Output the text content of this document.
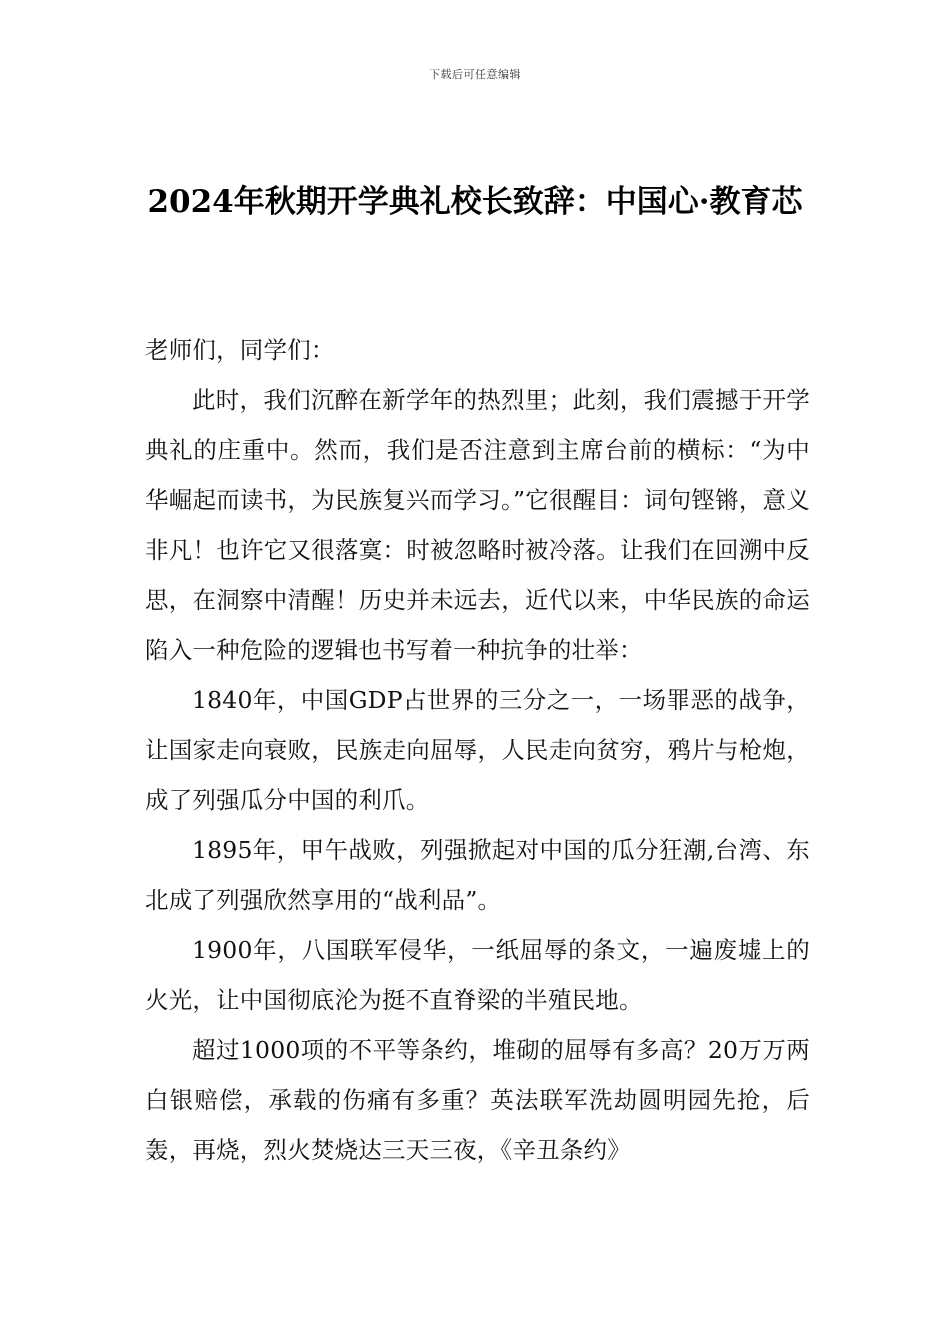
下载后可任意编辑
2024年秋期开学典礼校长致辞：中国心·教育芯

老师们，同学们：

此时，我们沉醉在新学年的热烈里；此刻，我们震撼于开学典礼的庄重中。然而，我们是否注意到主席台前的横标：“为中华崛起而读书，为民族复兴而学习。”它很醒目：词句铿锵，意义非凡！也许它又很落寞：时被忽略时被冷落。让我们在回溯中反思，在洞察中清醒！历史并未远去，近代以来，中华民族的命运陷入一种危险的逻辑也书写着一种抗争的壮举：

1840年，中国GDP占世界的三分之一，一场罪恶的战争，让国家走向衰败，民族走向屈辱，人民走向贫穷，鸦片与枪炮，成了列强瓜分中国的利爪。

1895年，甲午战败，列强掀起对中国的瓜分狂潮,台湾、东北成了列强欣然享用的“战利品”。

1900年，八国联军侵华，一纸屈辱的条文，一遍废墟上的火光，让中国彻底沦为挺不直脊梁的半殖民地。

超过1000项的不平等条约，堆砌的屈辱有多高？20万万两白银赔偿，承载的伤痛有多重？英法联军洗劫圆明园先抢，后轰，再烧，烈火焚烧达三天三夜，《辛丑条约》
